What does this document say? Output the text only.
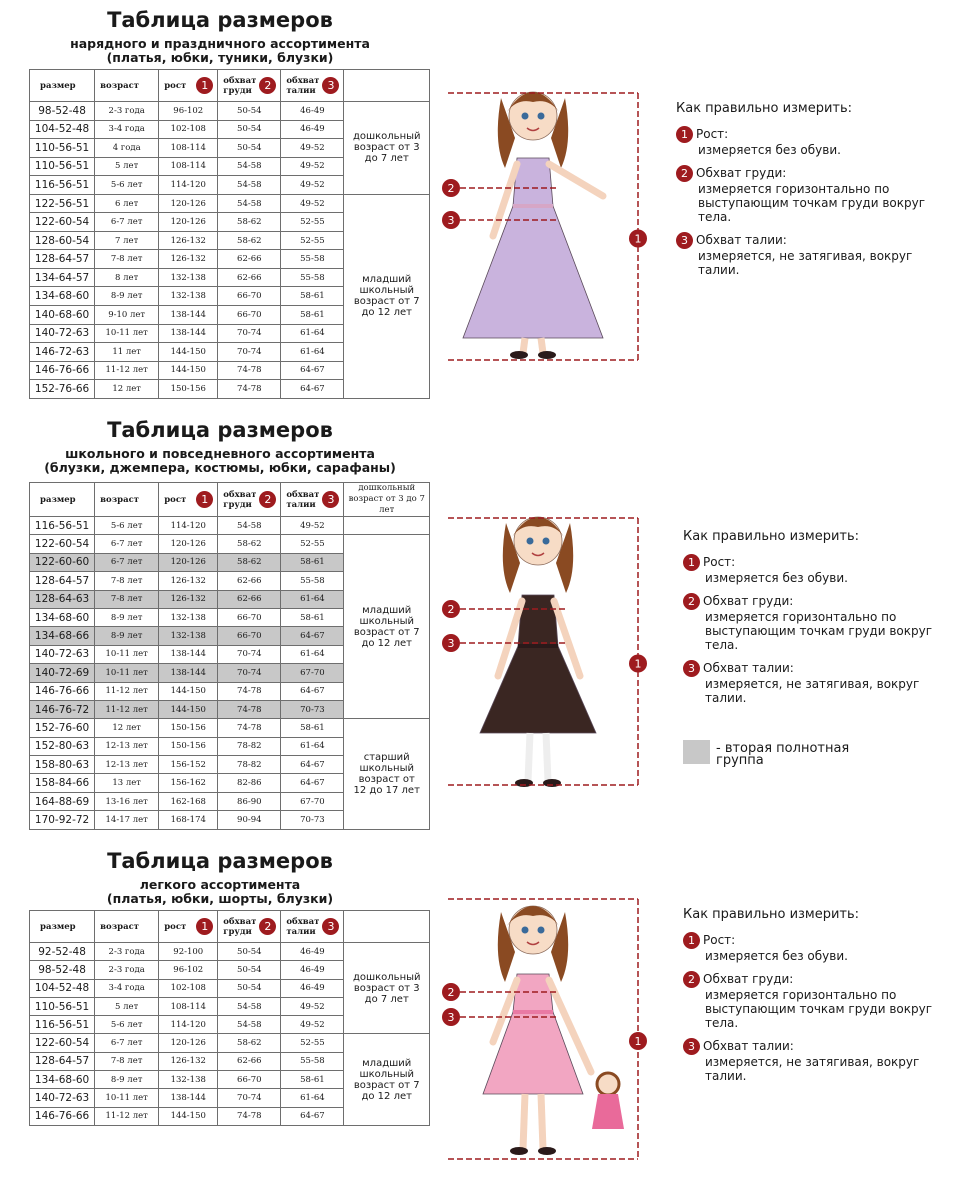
Таблица размеров
нарядного и праздничного ассортимента
(платья, юбки, туники, блузки)
размер	возраст	рост 1	обхват груди 2	обхват талии 3	

98-52-48	2-3 года	96-102	50-54	46-49	дошкольный возраст от 3 до 7 лет
104-52-48	3-4 года	102-108	50-54	46-49	
110-56-51	4 года	108-114	50-54	49-52	
110-56-51	5 лет	108-114	54-58	49-52	
116-56-51	5-6 лет	114-120	54-58	49-52	
122-56-51	6 лет	120-126	54-58	49-52	младший школьный возраст от 7 до 12 лет
122-60-54	6-7 лет	120-126	58-62	52-55	
128-60-54	7 лет	126-132	58-62	52-55	
128-64-57	7-8 лет	126-132	62-66	55-58	
134-64-57	8 лет	132-138	62-66	55-58	
134-68-60	8-9 лет	132-138	66-70	58-61	
140-68-60	9-10 лет	138-144	66-70	58-61	
140-72-63	10-11 лет	138-144	70-74	61-64	
146-72-63	11 лет	144-150	70-74	61-64	
146-76-66	11-12 лет	144-150	74-78	64-67	
152-76-66	12 лет	150-156	74-78	64-67	
2
3
1
Как правильно измерить:
1 Рост:
измеряется без обуви.
2 Обхват груди:
измеряется горизонтально по выступающим точкам груди вокруг тела.
3 Обхват талии:
измеряется, не затягивая, вокруг талии.
Таблица размеров
школьного и повседневного ассортимента
(блузки, джемпера, костюмы, юбки, сарафаны)
размер	возраст	рост 1	обхват груди 2	обхват талии 3	дошкольный возраст от 3 до 7 лет
116-56-51	5-6 лет	114-120	54-58	49-52	
122-60-54	6-7 лет	120-126	58-62	52-55	младший школьный возраст от 7 до 12 лет
122-60-60	6-7 лет	120-126	58-62	58-61	
128-64-57	7-8 лет	126-132	62-66	55-58	
128-64-63	7-8 лет	126-132	62-66	61-64	
134-68-60	8-9 лет	132-138	66-70	58-61	
134-68-66	8-9 лет	132-138	66-70	64-67	
140-72-63	10-11 лет	138-144	70-74	61-64	
140-72-69	10-11 лет	138-144	70-74	67-70	
146-76-66	11-12 лет	144-150	74-78	64-67	
146-76-72	11-12 лет	144-150	74-78	70-73	
152-76-60	12 лет	150-156	74-78	58-61	старший школьный возраст от 12 до 17 лет
152-80-63	12-13 лет	150-156	78-82	61-64	
158-80-63	12-13 лет	156-152	78-82	64-67	
158-84-66	13 лет	156-162	82-86	64-67	
164-88-69	13-16 лет	162-168	86-90	67-70	
170-92-72	14-17 лет	168-174	90-94	70-73	
2
3
1
Как правильно измерить:
1 Рост:
измеряется без обуви.
2 Обхват груди:
измеряется горизонтально по выступающим точкам груди вокруг тела.
3 Обхват талии:
измеряется, не затягивая, вокруг талии.
- вторая полнотная группа
Таблица размеров
легкого ассортимента
(платья, юбки, шорты, блузки)
размер	возраст	рост 1	обхват груди 2	обхват талии 3	

92-52-48	2-3 года	92-100	50-54	46-49	дошкольный возраст от 3 до 7 лет
98-52-48	2-3 года	96-102	50-54	46-49	
104-52-48	3-4 года	102-108	50-54	46-49	
110-56-51	5 лет	108-114	54-58	49-52	
116-56-51	5-6 лет	114-120	54-58	49-52	
122-60-54	6-7 лет	120-126	58-62	52-55	младший школьный возраст от 7 до 12 лет
128-64-57	7-8 лет	126-132	62-66	55-58	
134-68-60	8-9 лет	132-138	66-70	58-61	
140-72-63	10-11 лет	138-144	70-74	61-64	
146-76-66	11-12 лет	144-150	74-78	64-67	
2
3
1
Как правильно измерить:
1 Рост:
измеряется без обуви.
2 Обхват груди:
измеряется горизонтально по выступающим точкам груди вокруг тела.
3 Обхват талии:
измеряется, не затягивая, вокруг талии.
